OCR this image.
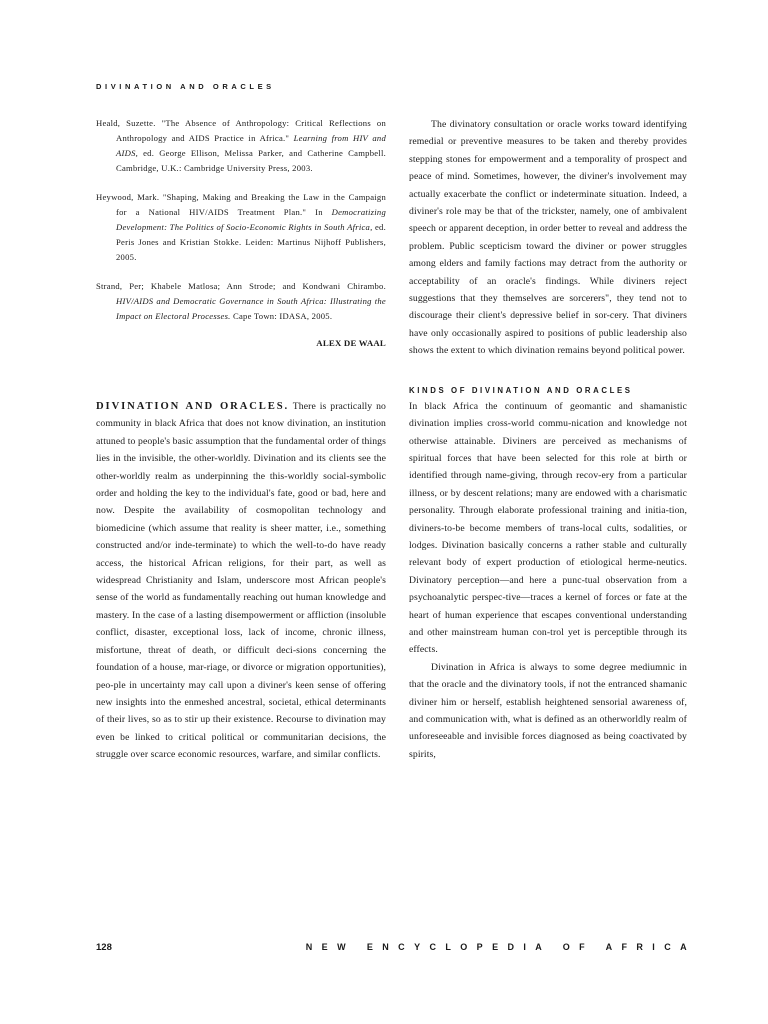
DIVINATION AND ORACLES

Heald, Suzette. "The Absence of Anthropology: Critical Reflections on Anthropology and AIDS Practice in Africa." Learning from HIV and AIDS, ed. George Ellison, Melissa Parker, and Catherine Campbell. Cambridge, U.K.: Cambridge University Press, 2003.

Heywood, Mark. "Shaping, Making and Breaking the Law in the Campaign for a National HIV/AIDS Treatment Plan." In Democratizing Development: The Politics of Socio-Economic Rights in South Africa, ed. Peris Jones and Kristian Stokke. Leiden: Martinus Nijhoff Publishers, 2005.

Strand, Per; Khabele Matlosa; Ann Strode; and Kondwani Chirambo. HIV/AIDS and Democratic Governance in South Africa: Illustrating the Impact on Electoral Processes. Cape Town: IDASA, 2005.

ALEX DE WAAL

DIVINATION AND ORACLES. There is practically no community in black Africa that does not know divination, an institution attuned to people's basic assumption that the fundamental order of things lies in the invisible, the other-worldly. Divination and its clients see the other-worldly realm as underpinning the this-worldly social-symbolic order and holding the key to the individual's fate, good or bad, here and now. Despite the availability of cosmopolitan technology and biomedicine (which assume that reality is sheer matter, i.e., something constructed and/or inde-terminate) to which the well-to-do have ready access, the historical African religions, for their part, as well as widespread Christianity and Islam, underscore most African people's sense of the world as fundamentally reaching out human knowledge and mastery. In the case of a lasting disempowerment or affliction (insoluble conflict, disaster, exceptional loss, lack of income, chronic illness, misfortune, threat of death, or difficult deci-sions concerning the foundation of a house, mar-riage, or divorce or migration opportunities), peo-ple in uncertainty may call upon a diviner's keen sense of offering new insights into the enmeshed ancestral, societal, ethical determinants of their lives, so as to stir up their existence. Recourse to divination may even be linked to critical political or communitarian decisions, the struggle over scarce economic resources, warfare, and similar conflicts.

The divinatory consultation or oracle works toward identifying remedial or preventive measures to be taken and thereby provides stepping stones for empowerment and a temporality of prospect and peace of mind. Sometimes, however, the diviner's involvement may actually exacerbate the conflict or indeterminate situation. Indeed, a diviner's role may be that of the trickster, namely, one of ambivalent speech or apparent deception, in order better to reveal and address the problem. Public scepticism toward the diviner or power struggles among elders and family factions may detract from the authority or acceptability of an oracle's findings. While diviners reject suggestions that they themselves are sorcerers", they tend not to discourage their client's depressive belief in sor-cery. That diviners have only occasionally aspired to positions of public leadership also shows the extent to which divination remains beyond political power.

KINDS OF DIVINATION AND ORACLES

In black Africa the continuum of geomantic and shamanistic divination implies cross-world commu-nication and knowledge not otherwise attainable. Diviners are perceived as mechanisms of spiritual forces that have been selected for this role at birth or identified through name-giving, through recov-ery from a particular illness, or by descent relations; many are endowed with a charismatic personality. Through elaborate professional training and initia-tion, diviners-to-be become members of trans-local cults, sodalities, or lodges. Divination basically concerns a rather stable and culturally relevant body of expert production of etiological herme-neutics. Divinatory perception—and here a punc-tual observation from a psychoanalytic perspec-tive—traces a kernel of forces or fate at the heart of human experience that escapes conventional understanding and other mainstream human con-trol yet is perceptible through its effects.

Divination in Africa is always to some degree mediumnic in that the oracle and the divinatory tools, if not the entranced shamanic diviner him or herself, establish heightened sensorial awareness of, and communication with, what is defined as an otherworldly realm of unforeseeable and invisible forces diagnosed as being coactivated by spirits,

128	NEW ENCYCLOPEDIA OF AFRICA
